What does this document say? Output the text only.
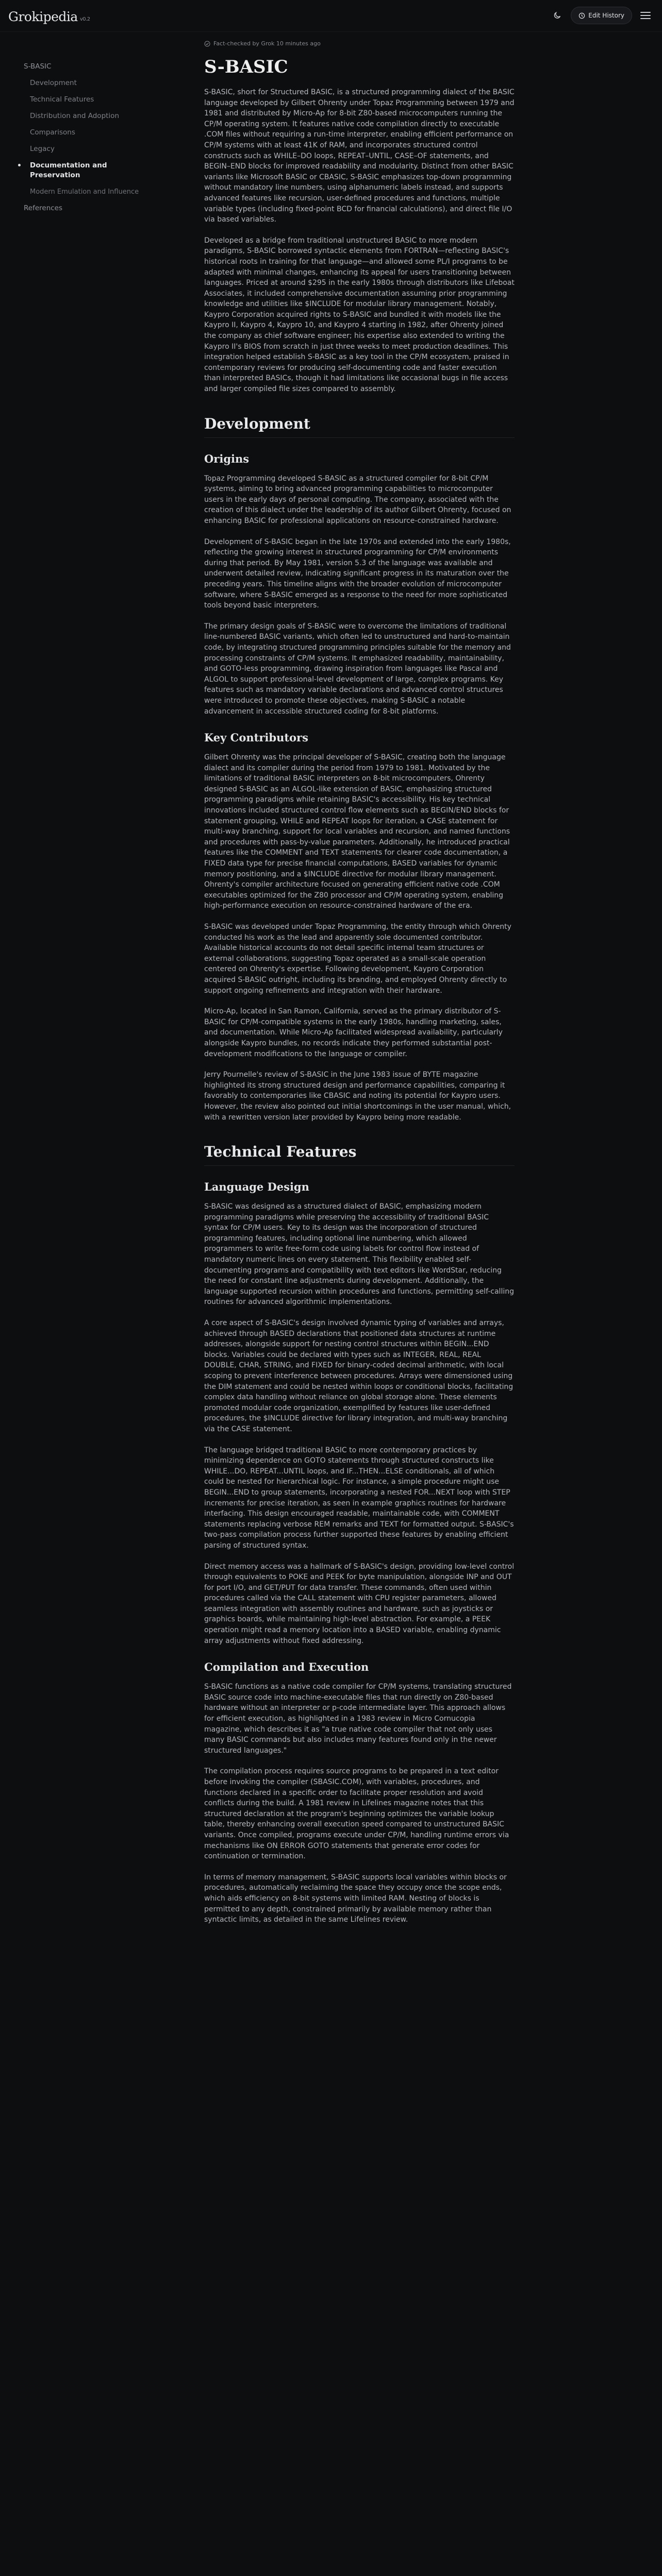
Grokipedia v0.2
Edit History
S-BASIC
Development
Technical Features
Distribution and Adoption
Comparisons
Legacy
Documentation and Preservation
Modern Emulation and Influence
References
Fact-checked by Grok 10 minutes ago
S-BASIC

S-BASIC, short for Structured BASIC, is a structured programming dialect of the BASIC language developed by Gilbert Ohrenty under Topaz Programming between 1979 and 1981 and distributed by Micro-Ap for 8-bit Z80-based microcomputers running the CP/M operating system. It features native code compilation directly to executable .COM files without requiring a run-time interpreter, enabling efficient performance on CP/M systems with at least 41K of RAM, and incorporates structured control constructs such as WHILE–DO loops, REPEAT–UNTIL, CASE–OF statements, and BEGIN–END blocks for improved readability and modularity. Distinct from other BASIC variants like Microsoft BASIC or CBASIC, S-BASIC emphasizes top-down programming without mandatory line numbers, using alphanumeric labels instead, and supports advanced features like recursion, user-defined procedures and functions, multiple variable types (including fixed-point BCD for financial calculations), and direct file I/O via based variables.

Developed as a bridge from traditional unstructured BASIC to more modern paradigms, S-BASIC borrowed syntactic elements from FORTRAN—reflecting BASIC's historical roots in training for that language—and allowed some PL/I programs to be adapted with minimal changes, enhancing its appeal for users transitioning between languages. Priced at around $295 in the early 1980s through distributors like Lifeboat Associates, it included comprehensive documentation assuming prior programming knowledge and utilities like $INCLUDE for modular library management. Notably, Kaypro Corporation acquired rights to S-BASIC and bundled it with models like the Kaypro II, Kaypro 4, Kaypro 10, and Kaypro 4 starting in 1982, after Ohrenty joined the company as chief software engineer; his expertise also extended to writing the Kaypro II's BIOS from scratch in just three weeks to meet production deadlines. This integration helped establish S-BASIC as a key tool in the CP/M ecosystem, praised in contemporary reviews for producing self-documenting code and faster execution than interpreted BASICs, though it had limitations like occasional bugs in file access and larger compiled file sizes compared to assembly.

Development
Origins

Topaz Programming developed S-BASIC as a structured compiler for 8-bit CP/M systems, aiming to bring advanced programming capabilities to microcomputer users in the early days of personal computing. The company, associated with the creation of this dialect under the leadership of its author Gilbert Ohrenty, focused on enhancing BASIC for professional applications on resource-constrained hardware.

Development of S-BASIC began in the late 1970s and extended into the early 1980s, reflecting the growing interest in structured programming for CP/M environments during that period. By May 1981, version 5.3 of the language was available and underwent detailed review, indicating significant progress in its maturation over the preceding years. This timeline aligns with the broader evolution of microcomputer software, where S-BASIC emerged as a response to the need for more sophisticated tools beyond basic interpreters.

The primary design goals of S-BASIC were to overcome the limitations of traditional line-numbered BASIC variants, which often led to unstructured and hard-to-maintain code, by integrating structured programming principles suitable for the memory and processing constraints of CP/M systems. It emphasized readability, maintainability, and GOTO-less programming, drawing inspiration from languages like Pascal and ALGOL to support professional-level development of large, complex programs. Key features such as mandatory variable declarations and advanced control structures were introduced to promote these objectives, making S-BASIC a notable advancement in accessible structured coding for 8-bit platforms.

Key Contributors

Gilbert Ohrenty was the principal developer of S-BASIC, creating both the language dialect and its compiler during the period from 1979 to 1981. Motivated by the limitations of traditional BASIC interpreters on 8-bit microcomputers, Ohrenty designed S-BASIC as an ALGOL-like extension of BASIC, emphasizing structured programming paradigms while retaining BASIC's accessibility. His key technical innovations included structured control flow elements such as BEGIN/END blocks for statement grouping, WHILE and REPEAT loops for iteration, a CASE statement for multi-way branching, support for local variables and recursion, and named functions and procedures with pass-by-value parameters. Additionally, he introduced practical features like the COMMENT and TEXT statements for clearer code documentation, a FIXED data type for precise financial computations, BASED variables for dynamic memory positioning, and a $INCLUDE directive for modular library management. Ohrenty's compiler architecture focused on generating efficient native code .COM executables optimized for the Z80 processor and CP/M operating system, enabling high-performance execution on resource-constrained hardware of the era.

S-BASIC was developed under Topaz Programming, the entity through which Ohrenty conducted his work as the lead and apparently sole documented contributor. Available historical accounts do not detail specific internal team structures or external collaborations, suggesting Topaz operated as a small-scale operation centered on Ohrenty's expertise. Following development, Kaypro Corporation acquired S-BASIC outright, including its branding, and employed Ohrenty directly to support ongoing refinements and integration with their hardware.

Micro-Ap, located in San Ramon, California, served as the primary distributor of S-BASIC for CP/M-compatible systems in the early 1980s, handling marketing, sales, and documentation. While Micro-Ap facilitated widespread availability, particularly alongside Kaypro bundles, no records indicate they performed substantial post-development modifications to the language or compiler.

Jerry Pournelle's review of S-BASIC in the June 1983 issue of BYTE magazine highlighted its strong structured design and performance capabilities, comparing it favorably to contemporaries like CBASIC and noting its potential for Kaypro users. However, the review also pointed out initial shortcomings in the user manual, which, with a rewritten version later provided by Kaypro being more readable.

Technical Features
Language Design

S-BASIC was designed as a structured dialect of BASIC, emphasizing modern programming paradigms while preserving the accessibility of traditional BASIC syntax for CP/M users. Key to its design was the incorporation of structured programming features, including optional line numbering, which allowed programmers to write free-form code using labels for control flow instead of mandatory numeric lines on every statement. This flexibility enabled self-documenting programs and compatibility with text editors like WordStar, reducing the need for constant line adjustments during development. Additionally, the language supported recursion within procedures and functions, permitting self-calling routines for advanced algorithmic implementations.

A core aspect of S-BASIC's design involved dynamic typing of variables and arrays, achieved through BASED declarations that positioned data structures at runtime addresses, alongside support for nesting control structures within BEGIN...END blocks. Variables could be declared with types such as INTEGER, REAL, REAL DOUBLE, CHAR, STRING, and FIXED for binary-coded decimal arithmetic, with local scoping to prevent interference between procedures. Arrays were dimensioned using the DIM statement and could be nested within loops or conditional blocks, facilitating complex data handling without reliance on global storage alone. These elements promoted modular code organization, exemplified by features like user-defined procedures, the $INCLUDE directive for library integration, and multi-way branching via the CASE statement.

The language bridged traditional BASIC to more contemporary practices by minimizing dependence on GOTO statements through structured constructs like WHILE...DO, REPEAT...UNTIL loops, and IF...THEN...ELSE conditionals, all of which could be nested for hierarchical logic. For instance, a simple procedure might use BEGIN...END to group statements, incorporating a nested FOR...NEXT loop with STEP increments for precise iteration, as seen in example graphics routines for hardware interfacing. This design encouraged readable, maintainable code, with COMMENT statements replacing verbose REM remarks and TEXT for formatted output. S-BASIC's two-pass compilation process further supported these features by enabling efficient parsing of structured syntax.

Direct memory access was a hallmark of S-BASIC's design, providing low-level control through equivalents to POKE and PEEK for byte manipulation, alongside INP and OUT for port I/O, and GET/PUT for data transfer. These commands, often used within procedures called via the CALL statement with CPU register parameters, allowed seamless integration with assembly routines and hardware, such as joysticks or graphics boards, while maintaining high-level abstraction. For example, a PEEK operation might read a memory location into a BASED variable, enabling dynamic array adjustments without fixed addressing.

Compilation and Execution

S-BASIC functions as a native code compiler for CP/M systems, translating structured BASIC source code into machine-executable files that run directly on Z80-based hardware without an interpreter or p-code intermediate layer. This approach allows for efficient execution, as highlighted in a 1983 review in Micro Cornucopia magazine, which describes it as "a true native code compiler that not only uses many BASIC commands but also includes many features found only in the newer structured languages."

The compilation process requires source programs to be prepared in a text editor before invoking the compiler (SBASIC.COM), with variables, procedures, and functions declared in a specific order to facilitate proper resolution and avoid conflicts during the build. A 1981 review in Lifelines magazine notes that this structured declaration at the program's beginning optimizes the variable lookup table, thereby enhancing overall execution speed compared to unstructured BASIC variants. Once compiled, programs execute under CP/M, handling runtime errors via mechanisms like ON ERROR GOTO statements that generate error codes for continuation or termination.

In terms of memory management, S-BASIC supports local variables within blocks or procedures, automatically reclaiming the space they occupy once the scope ends, which aids efficiency on 8-bit systems with limited RAM. Nesting of blocks is permitted to any depth, constrained primarily by available memory rather than syntactic limits, as detailed in the same Lifelines review.
